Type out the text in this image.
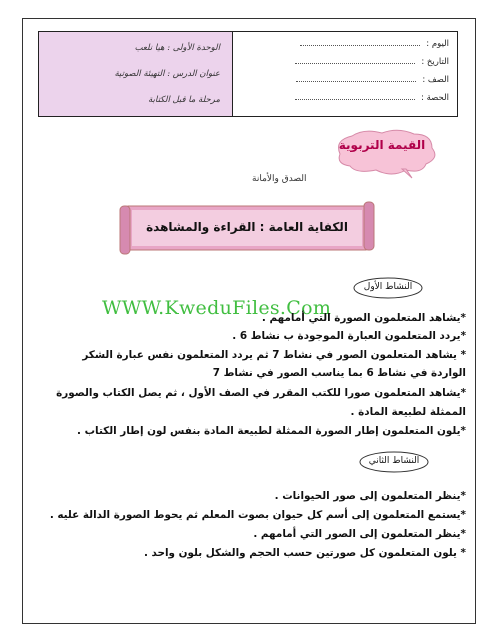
الوحدة الأولى : هيا نلعب
عنوان الدرس : التهيئة الصوتية
مرحلة ما قبل الكتابة
اليوم :
التاريخ :
الصف :
الحصة :
القيمة التربوية
الصدق والأمانة
الكفاية العامة : القراءة والمشاهدة
النشاط الأول
WWW.KweduFiles.Com
*يشاهد المتعلمون الصورة التي أمامهم .
*يردد المتعلمون العبارة الموجودة ب نشاط 6 .
* يشاهد المتعلمون الصور في نشاط 7 ثم يردد المتعلمون نفس عبارة الشكر
الواردة في نشاط 6 بما يناسب الصور في نشاط 7
*يشاهد المتعلمون صورا للكتب المقرر في الصف الأول ، ثم يصل الكتاب والصورة
الممثلة لطبيعة المادة .
*يلون المتعلمون إطار الصورة الممثلة لطبيعة المادة بنفس لون إطار الكتاب .
النشاط الثاني
*ينظر المتعلمون إلى صور الحيوانات .
*يستمع المتعلمون إلى أسم كل حيوان بصوت المعلم ثم يحوط الصورة الدالة عليه .
*ينظر المتعلمون إلى الصور التي أمامهم .
* يلون المتعلمون كل صورتين حسب الحجم والشكل بلون واحد .
